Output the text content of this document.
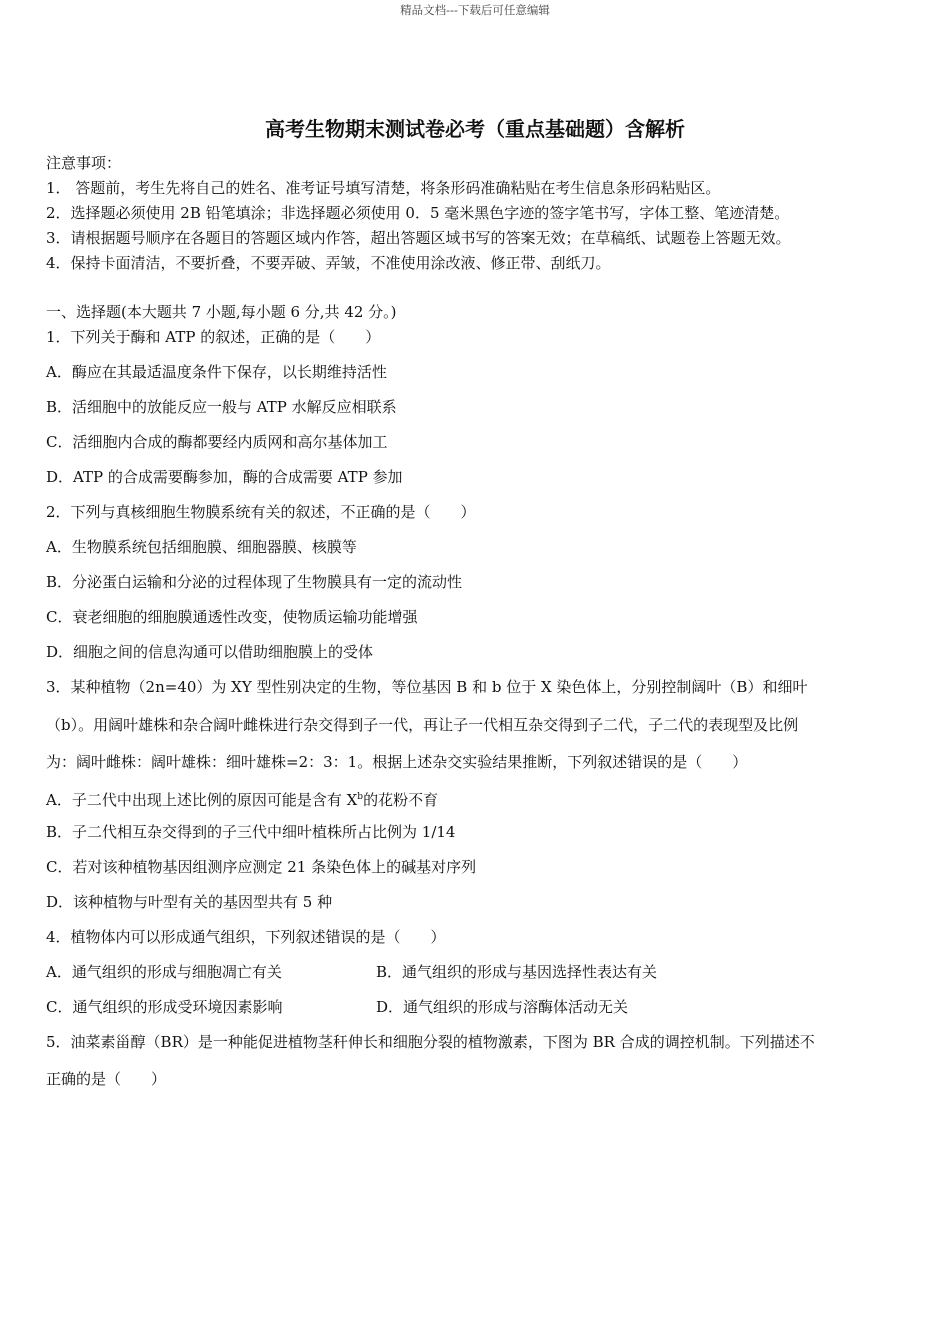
精品文档---下载后可任意编辑
高考生物期末测试卷必考（重点基础题）含解析
注意事项：
1． 答题前，考生先将自己的姓名、准考证号填写清楚，将条形码准确粘贴在考生信息条形码粘贴区。
2．选择题必须使用 2B 铅笔填涂；非选择题必须使用 0．5 毫米黑色字迹的签字笔书写，字体工整、笔迹清楚。
3．请根据题号顺序在各题目的答题区域内作答，超出答题区域书写的答案无效；在草稿纸、试题卷上答题无效。
4．保持卡面清洁，不要折叠，不要弄破、弄皱，不准使用涂改液、修正带、刮纸刀。
一、选择题(本大题共 7 小题,每小题 6 分,共 42 分。)
1．下列关于酶和 ATP 的叙述，正确的是（　　）
A．酶应在其最适温度条件下保存，以长期维持活性
B．活细胞中的放能反应一般与 ATP 水解反应相联系
C．活细胞内合成的酶都要经内质网和高尔基体加工
D．ATP 的合成需要酶参加，酶的合成需要 ATP 参加
2．下列与真核细胞生物膜系统有关的叙述，不正确的是（　　）
A．生物膜系统包括细胞膜、细胞器膜、核膜等
B．分泌蛋白运输和分泌的过程体现了生物膜具有一定的流动性
C．衰老细胞的细胞膜通透性改变，使物质运输功能增强
D．细胞之间的信息沟通可以借助细胞膜上的受体
3．某种植物（2n=40）为 XY 型性别决定的生物，等位基因 B 和 b 位于 X 染色体上，分别控制阔叶（B）和细叶
（b）。用阔叶雄株和杂合阔叶雌株进行杂交得到子一代，再让子一代相互杂交得到子二代，子二代的表现型及比例
为：阔叶雌株：阔叶雄株：细叶雄株=2：3：1。根据上述杂交实验结果推断，下列叙述错误的是（　　）
A．子二代中出现上述比例的原因可能是含有 $X^b$的花粉不育
B．子二代相互杂交得到的子三代中细叶植株所占比例为 1/14
C．若对该种植物基因组测序应测定 21 条染色体上的碱基对序列
D．该种植物与叶型有关的基因型共有 5 种
4．植物体内可以形成通气组织，下列叙述错误的是（　　）
A．通气组织的形成与细胞凋亡有关	B．通气组织的形成与基因选择性表达有关
C．通气组织的形成受环境因素影响	D．通气组织的形成与溶酶体活动无关
5．油菜素甾醇（BR）是一种能促进植物茎秆伸长和细胞分裂的植物激素，下图为 BR 合成的调控机制。下列描述不
正确的是（　　）
